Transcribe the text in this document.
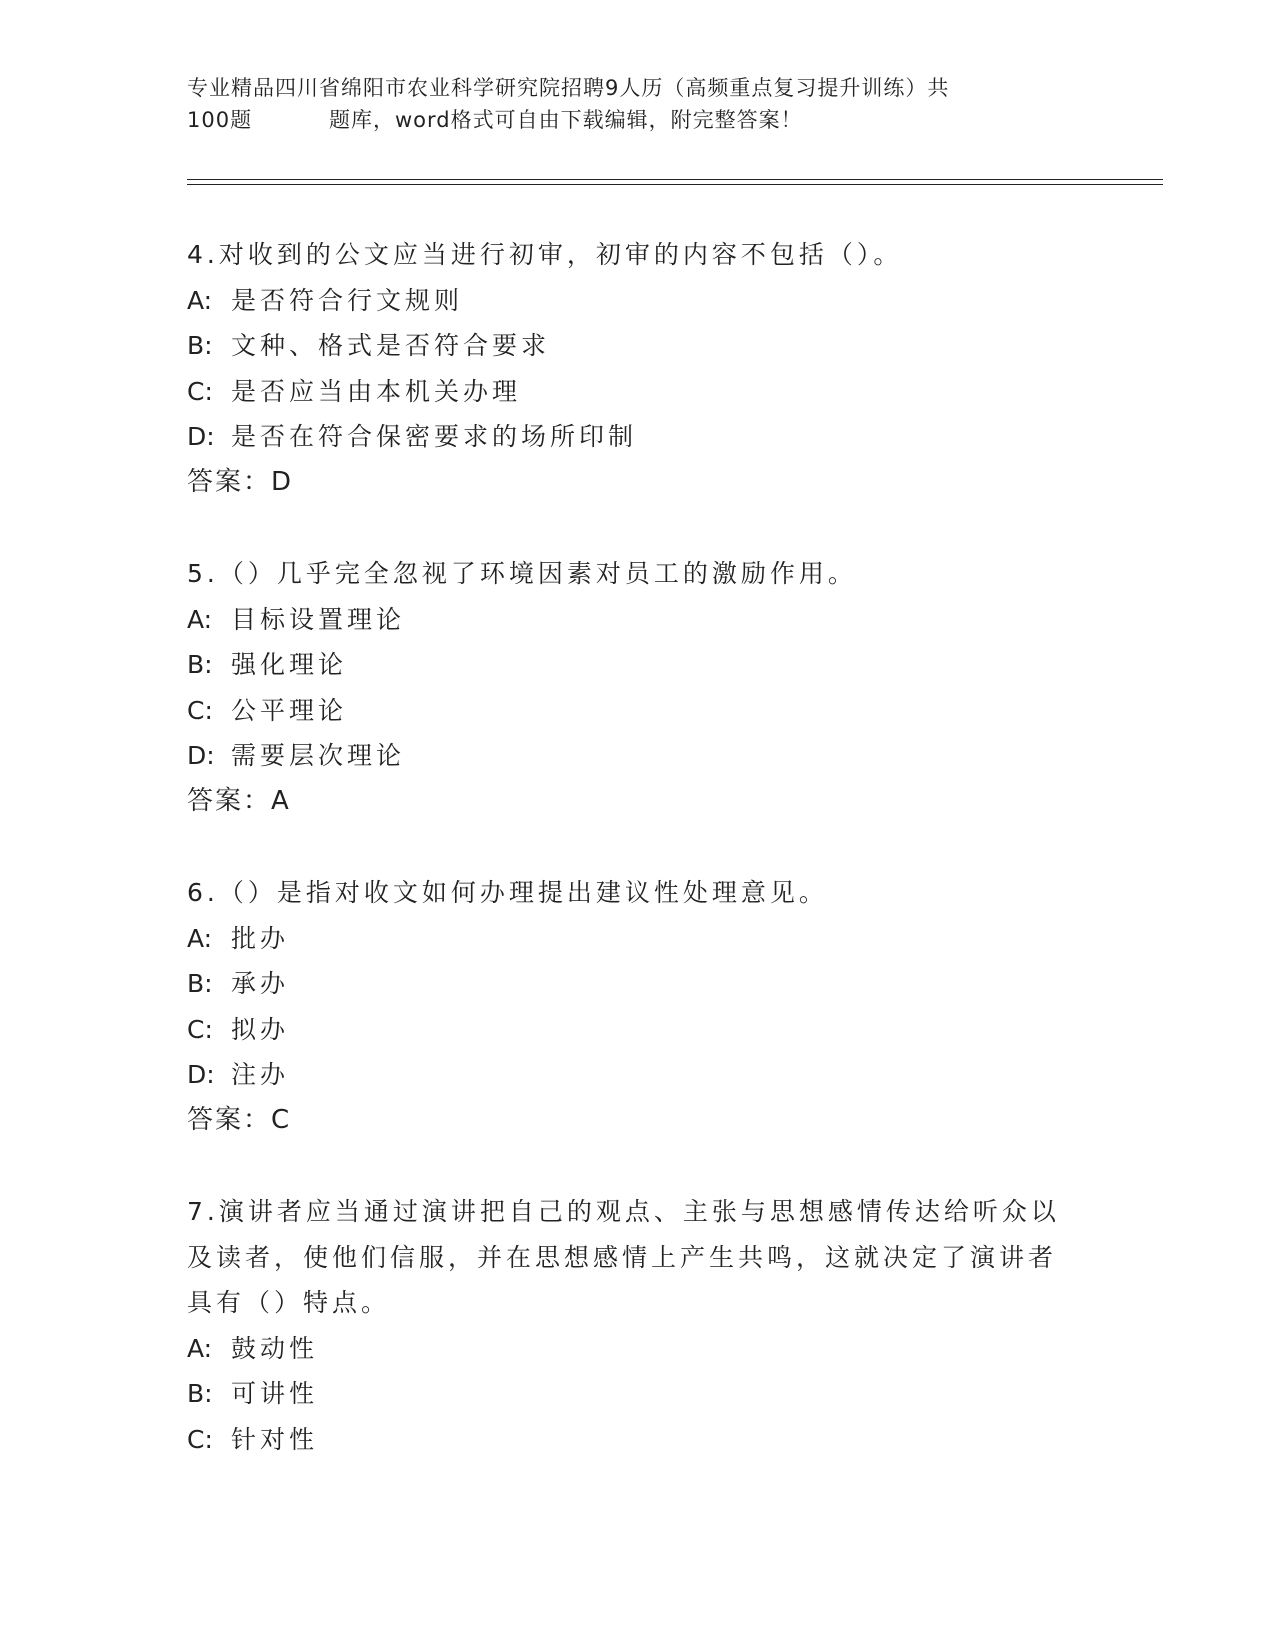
专业精品四川省绵阳市农业科学研究院招聘9人历（高频重点复习提升训练）共
100题	题库，word格式可自由下载编辑，附完整答案！

4.对收到的公文应当进行初审，初审的内容不包括（）。

A: 是否符合行文规则

B: 文种、格式是否符合要求

C: 是否应当由本机关办理

D: 是否在符合保密要求的场所印制

答案：D

5.（）几乎完全忽视了环境因素对员工的激励作用。

A: 目标设置理论

B: 强化理论

C: 公平理论

D: 需要层次理论

答案：A

6.（）是指对收文如何办理提出建议性处理意见。

A: 批办

B: 承办

C: 拟办

D: 注办

答案：C

7.演讲者应当通过演讲把自己的观点、主张与思想感情传达给听众以及读者，使他们信服，并在思想感情上产生共鸣，这就决定了演讲者具有（）特点。

A: 鼓动性

B: 可讲性

C: 针对性
